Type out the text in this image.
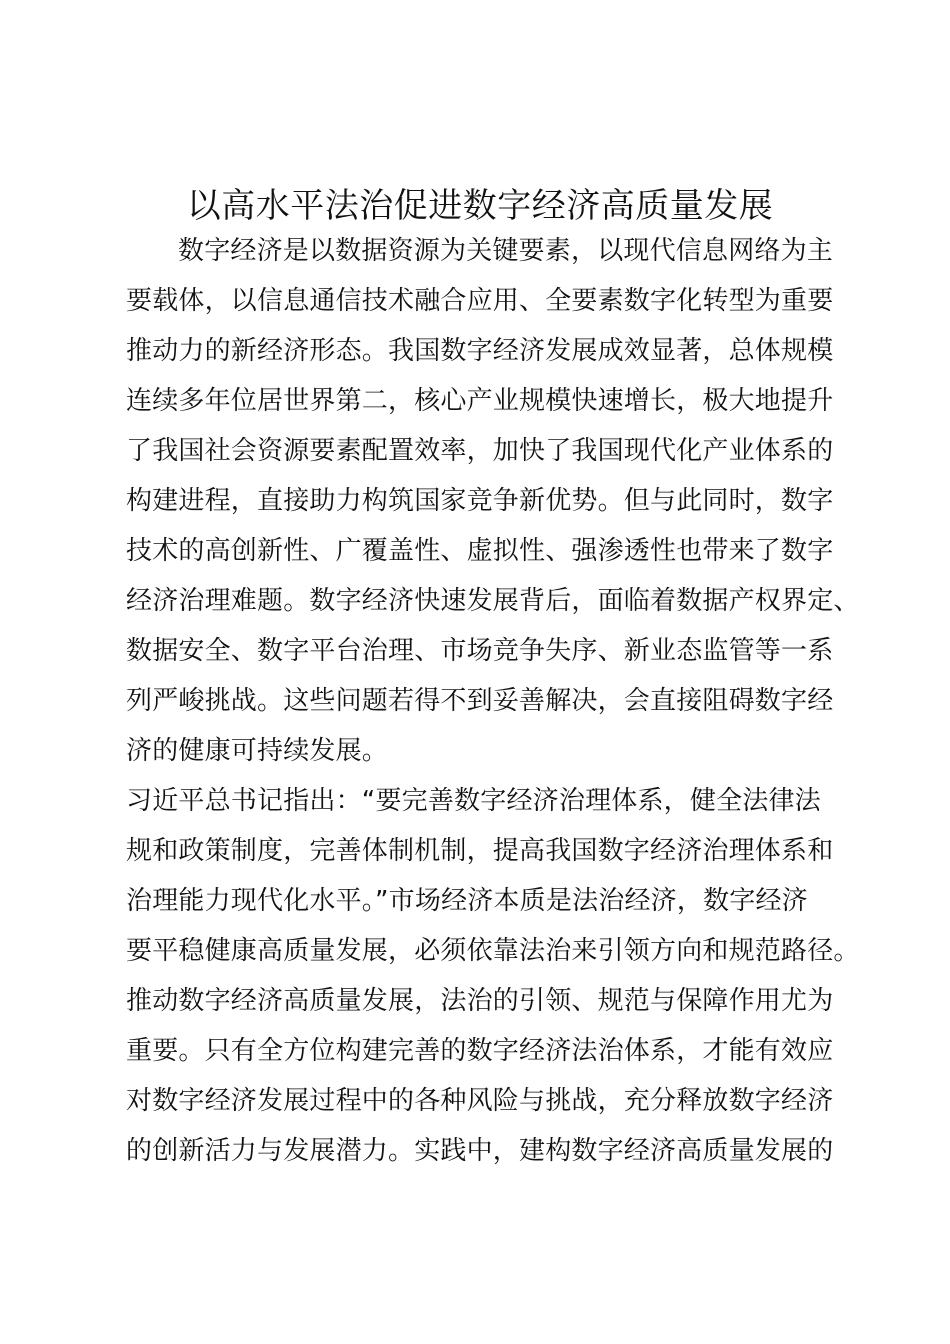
以高水平法治促进数字经济高质量发展

数字经济是以数据资源为关键要素，以现代信息网络为主

要载体，以信息通信技术融合应用、全要素数字化转型为重要

推动力的新经济形态。我国数字经济发展成效显著，总体规模

连续多年位居世界第二，核心产业规模快速增长，极大地提升

了我国社会资源要素配置效率，加快了我国现代化产业体系的

构建进程，直接助力构筑国家竞争新优势。但与此同时，数字

技术的高创新性、广覆盖性、虚拟性、强渗透性也带来了数字

经济治理难题。数字经济快速发展背后，面临着数据产权界定、

数据安全、数字平台治理、市场竞争失序、新业态监管等一系

列严峻挑战。这些问题若得不到妥善解决，会直接阻碍数字经

济的健康可持续发展。

习近平总书记指出：“要完善数字经济治理体系，健全法律法

规和政策制度，完善体制机制，提高我国数字经济治理体系和

治理能力现代化水平。”市场经济本质是法治经济，数字经济

要平稳健康高质量发展，必须依靠法治来引领方向和规范路径。

推动数字经济高质量发展，法治的引领、规范与保障作用尤为

重要。只有全方位构建完善的数字经济法治体系，才能有效应

对数字经济发展过程中的各种风险与挑战，充分释放数字经济

的创新活力与发展潜力。实践中，建构数字经济高质量发展的
